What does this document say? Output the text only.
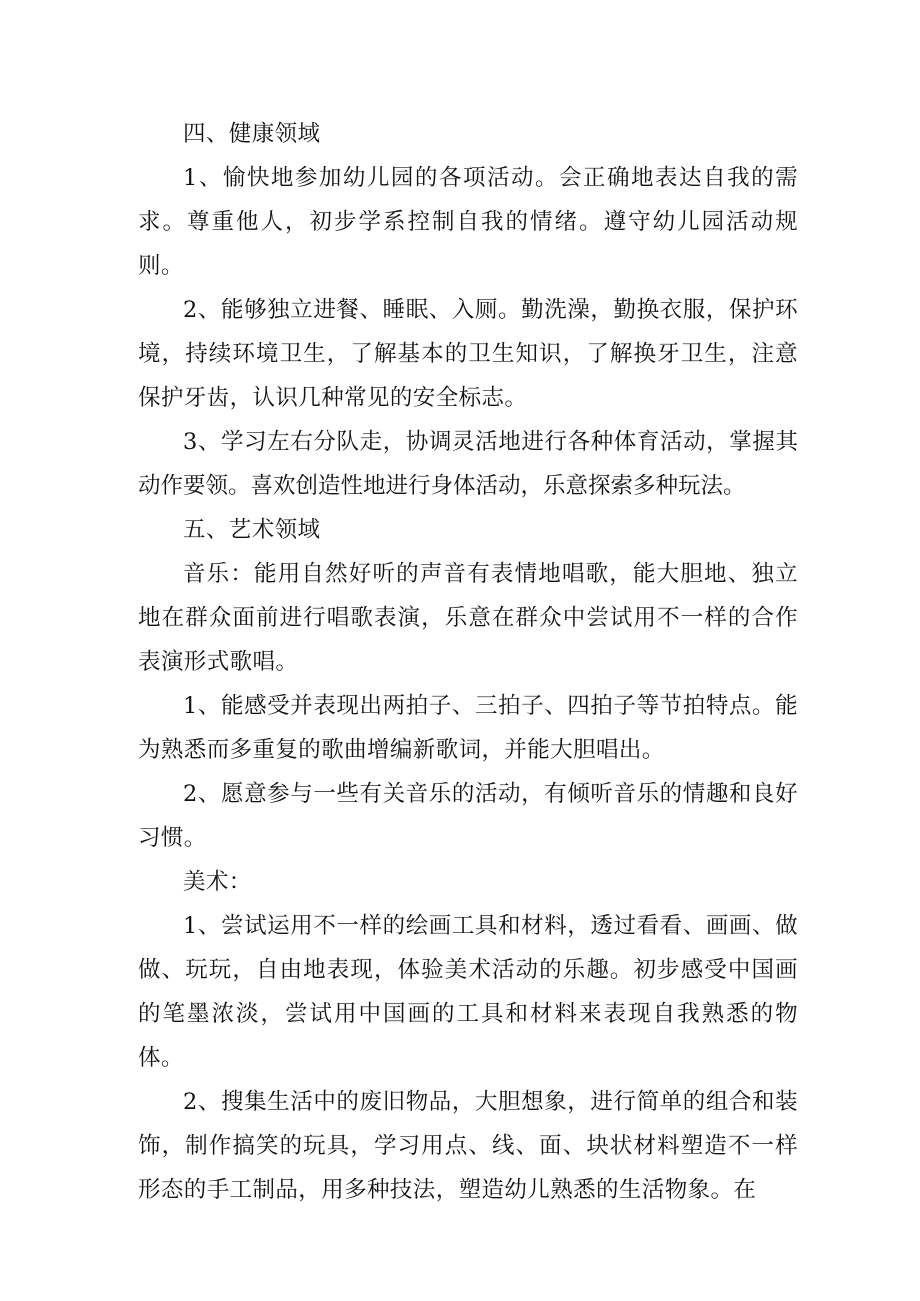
四、健康领域

1、愉快地参加幼儿园的各项活动。会正确地表达自我的需求。尊重他人，初步学系控制自我的情绪。遵守幼儿园活动规则。

2、能够独立进餐、睡眠、入厕。勤洗澡，勤换衣服，保护环境，持续环境卫生，了解基本的卫生知识，了解换牙卫生，注意保护牙齿，认识几种常见的安全标志。

3、学习左右分队走，协调灵活地进行各种体育活动，掌握其动作要领。喜欢创造性地进行身体活动，乐意探索多种玩法。

五、艺术领域

音乐：能用自然好听的声音有表情地唱歌，能大胆地、独立地在群众面前进行唱歌表演，乐意在群众中尝试用不一样的合作表演形式歌唱。

1、能感受并表现出两拍子、三拍子、四拍子等节拍特点。能为熟悉而多重复的歌曲增编新歌词，并能大胆唱出。

2、愿意参与一些有关音乐的活动，有倾听音乐的情趣和良好习惯。

美术：

1、尝试运用不一样的绘画工具和材料，透过看看、画画、做做、玩玩，自由地表现，体验美术活动的乐趣。初步感受中国画的笔墨浓淡，尝试用中国画的工具和材料来表现自我熟悉的物体。

2、搜集生活中的废旧物品，大胆想象，进行简单的组合和装饰，制作搞笑的玩具，学习用点、线、面、块状材料塑造不一样形态的手工制品，用多种技法，塑造幼儿熟悉的生活物象。在
